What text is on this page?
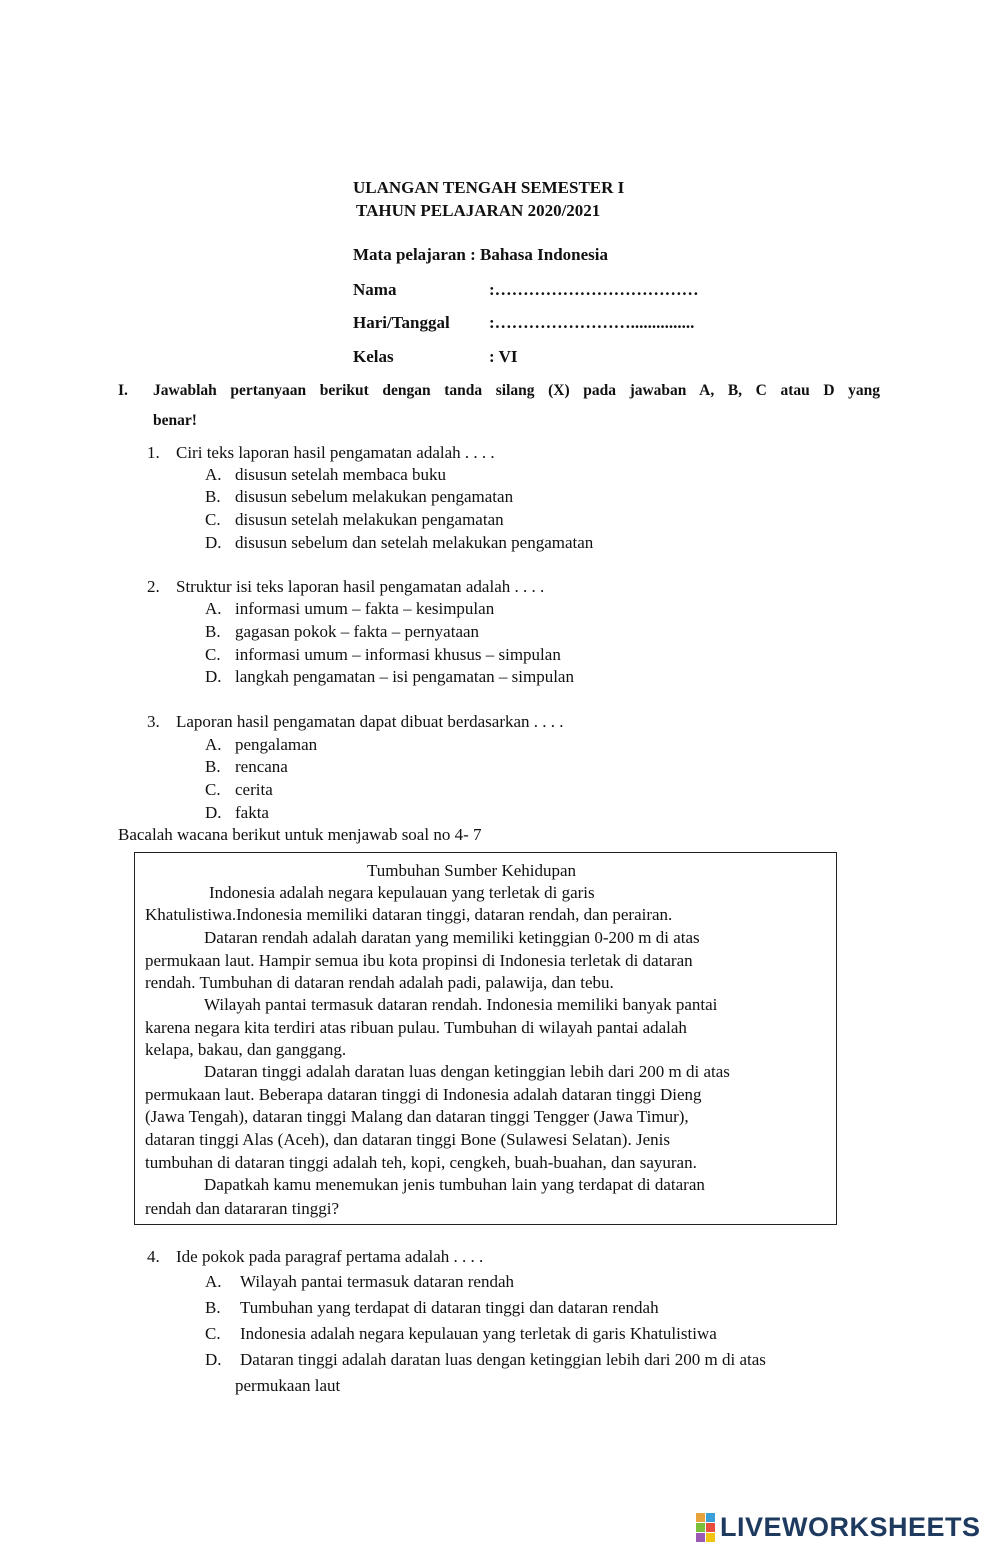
ULANGAN TENGAH SEMESTER I
TAHUN PELAJARAN 2020/2021
Mata pelajaran : Bahasa Indonesia
Nama	:………………………………
Hari/Tanggal :……………………...............
Kelas	: VI
I. Jawablah pertanyaan berikut dengan tanda silang (X) pada jawaban A, B, C atau D yang
benar!
1. Ciri teks laporan hasil pengamatan adalah . . . .
A. disusun setelah membaca buku
B. disusun sebelum melakukan pengamatan
C. disusun setelah melakukan pengamatan
D. disusun sebelum dan setelah melakukan pengamatan
2. Struktur isi teks laporan hasil pengamatan adalah . . . .
A. informasi umum – fakta – kesimpulan
B. gagasan pokok – fakta – pernyataan
C. informasi umum – informasi khusus – simpulan
D. langkah pengamatan – isi pengamatan – simpulan
3. Laporan hasil pengamatan dapat dibuat berdasarkan . . . .
A. pengalaman
B. rencana
C. cerita
D. fakta
Bacalah wacana berikut untuk menjawab soal no 4- 7
Tumbuhan Sumber Kehidupan
Indonesia adalah negara kepulauan yang terletak di garis
Khatulistiwa.Indonesia memiliki dataran tinggi, dataran rendah, dan perairan.
Dataran rendah adalah daratan yang memiliki ketinggian 0-200 m di atas
permukaan laut. Hampir semua ibu kota propinsi di Indonesia terletak di dataran
rendah. Tumbuhan di dataran rendah adalah padi, palawija, dan tebu.
Wilayah pantai termasuk dataran rendah. Indonesia memiliki banyak pantai
karena negara kita terdiri atas ribuan pulau. Tumbuhan di wilayah pantai adalah
kelapa, bakau, dan ganggang.
Dataran tinggi adalah daratan luas dengan ketinggian lebih dari 200 m di atas
permukaan laut. Beberapa dataran tinggi di Indonesia adalah dataran tinggi Dieng
(Jawa Tengah), dataran tinggi Malang dan dataran tinggi Tengger (Jawa Timur),
dataran tinggi Alas (Aceh), dan dataran tinggi Bone (Sulawesi Selatan). Jenis
tumbuhan di dataran tinggi adalah teh, kopi, cengkeh, buah-buahan, dan sayuran.
Dapatkah kamu menemukan jenis tumbuhan lain yang terdapat di dataran
rendah dan datararan tinggi?
4. Ide pokok pada paragraf pertama adalah . . . .
A. Wilayah pantai termasuk dataran rendah
B. Tumbuhan yang terdapat di dataran tinggi dan dataran rendah
C. Indonesia adalah negara kepulauan yang terletak di garis Khatulistiwa
D. Dataran tinggi adalah daratan luas dengan ketinggian lebih dari 200 m di atas
permukaan laut
LIVEWORKSHEETS
